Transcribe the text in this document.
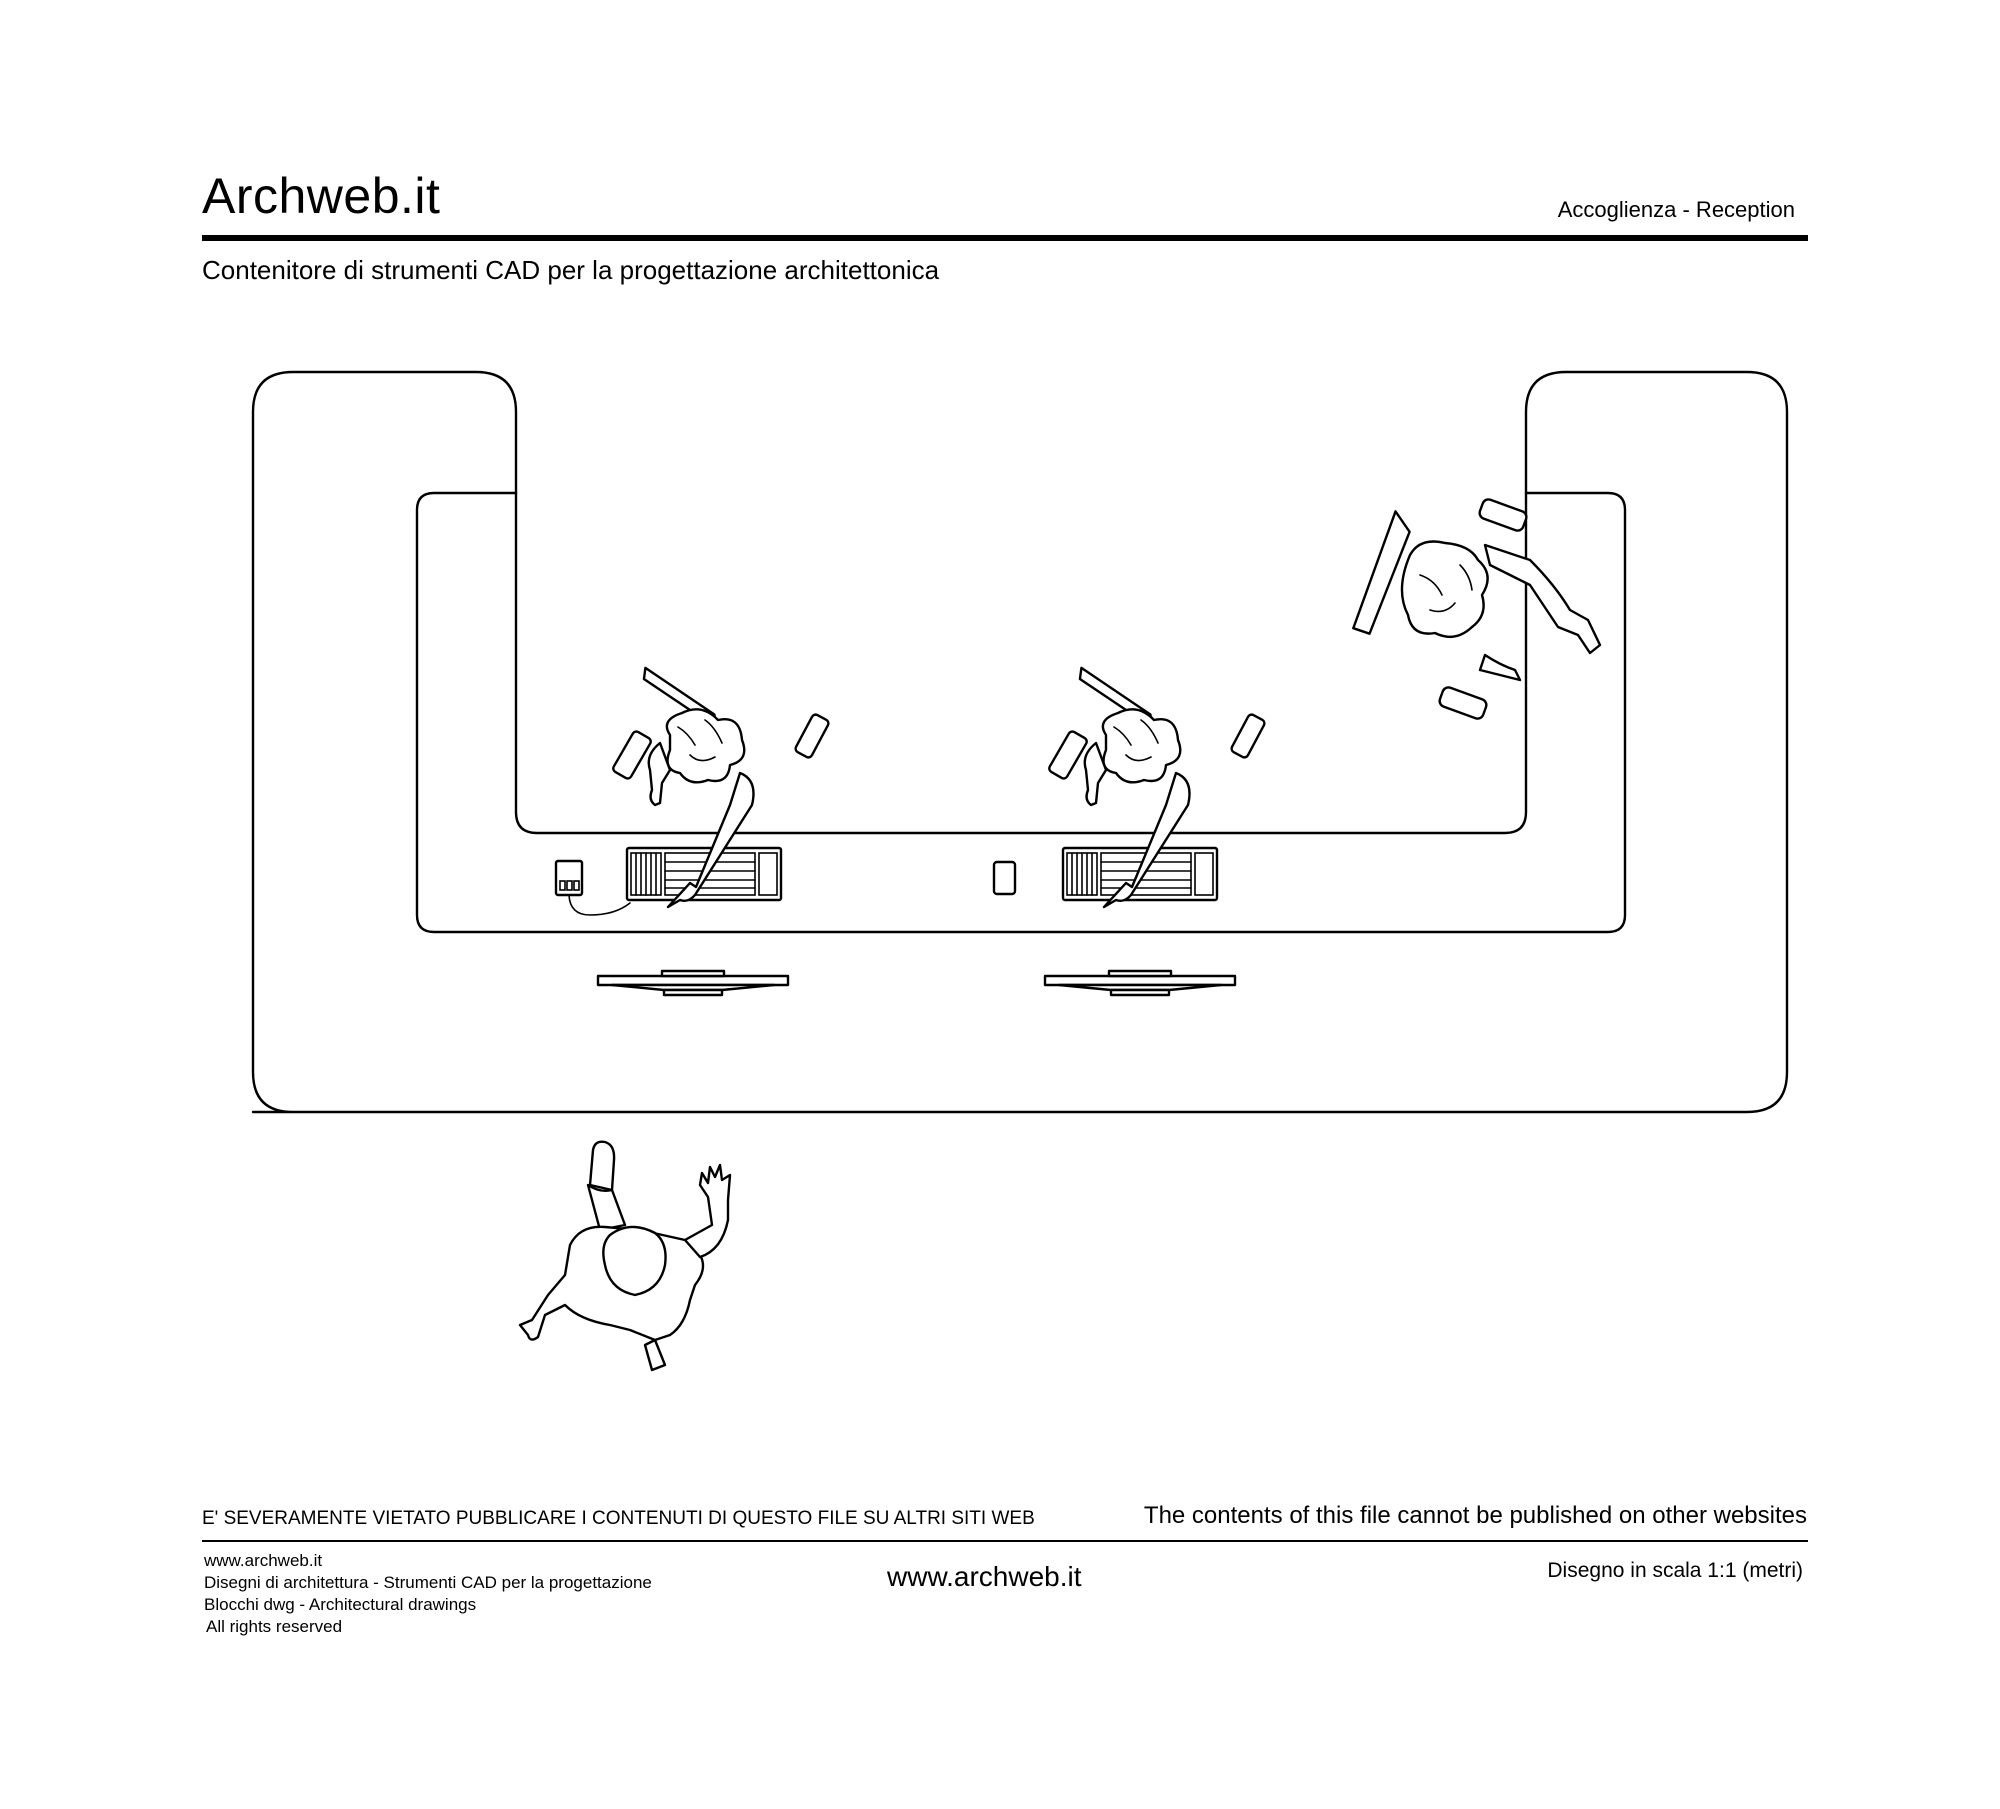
Archweb.it	Accoglienza - Reception
Contenitore di strumenti CAD per la progettazione architettonica
E' SEVERAMENTE VIETATO PUBBLICARE I CONTENUTI DI QUESTO FILE SU ALTRI SITI WEB	The contents of this file cannot be published on other websites
www.archweb.it
Disegni di architettura - Strumenti CAD per la progettazione
Blocchi dwg - Architectural drawings
All rights reserved
www.archweb.it	Disegno in scala 1:1 (metri)
